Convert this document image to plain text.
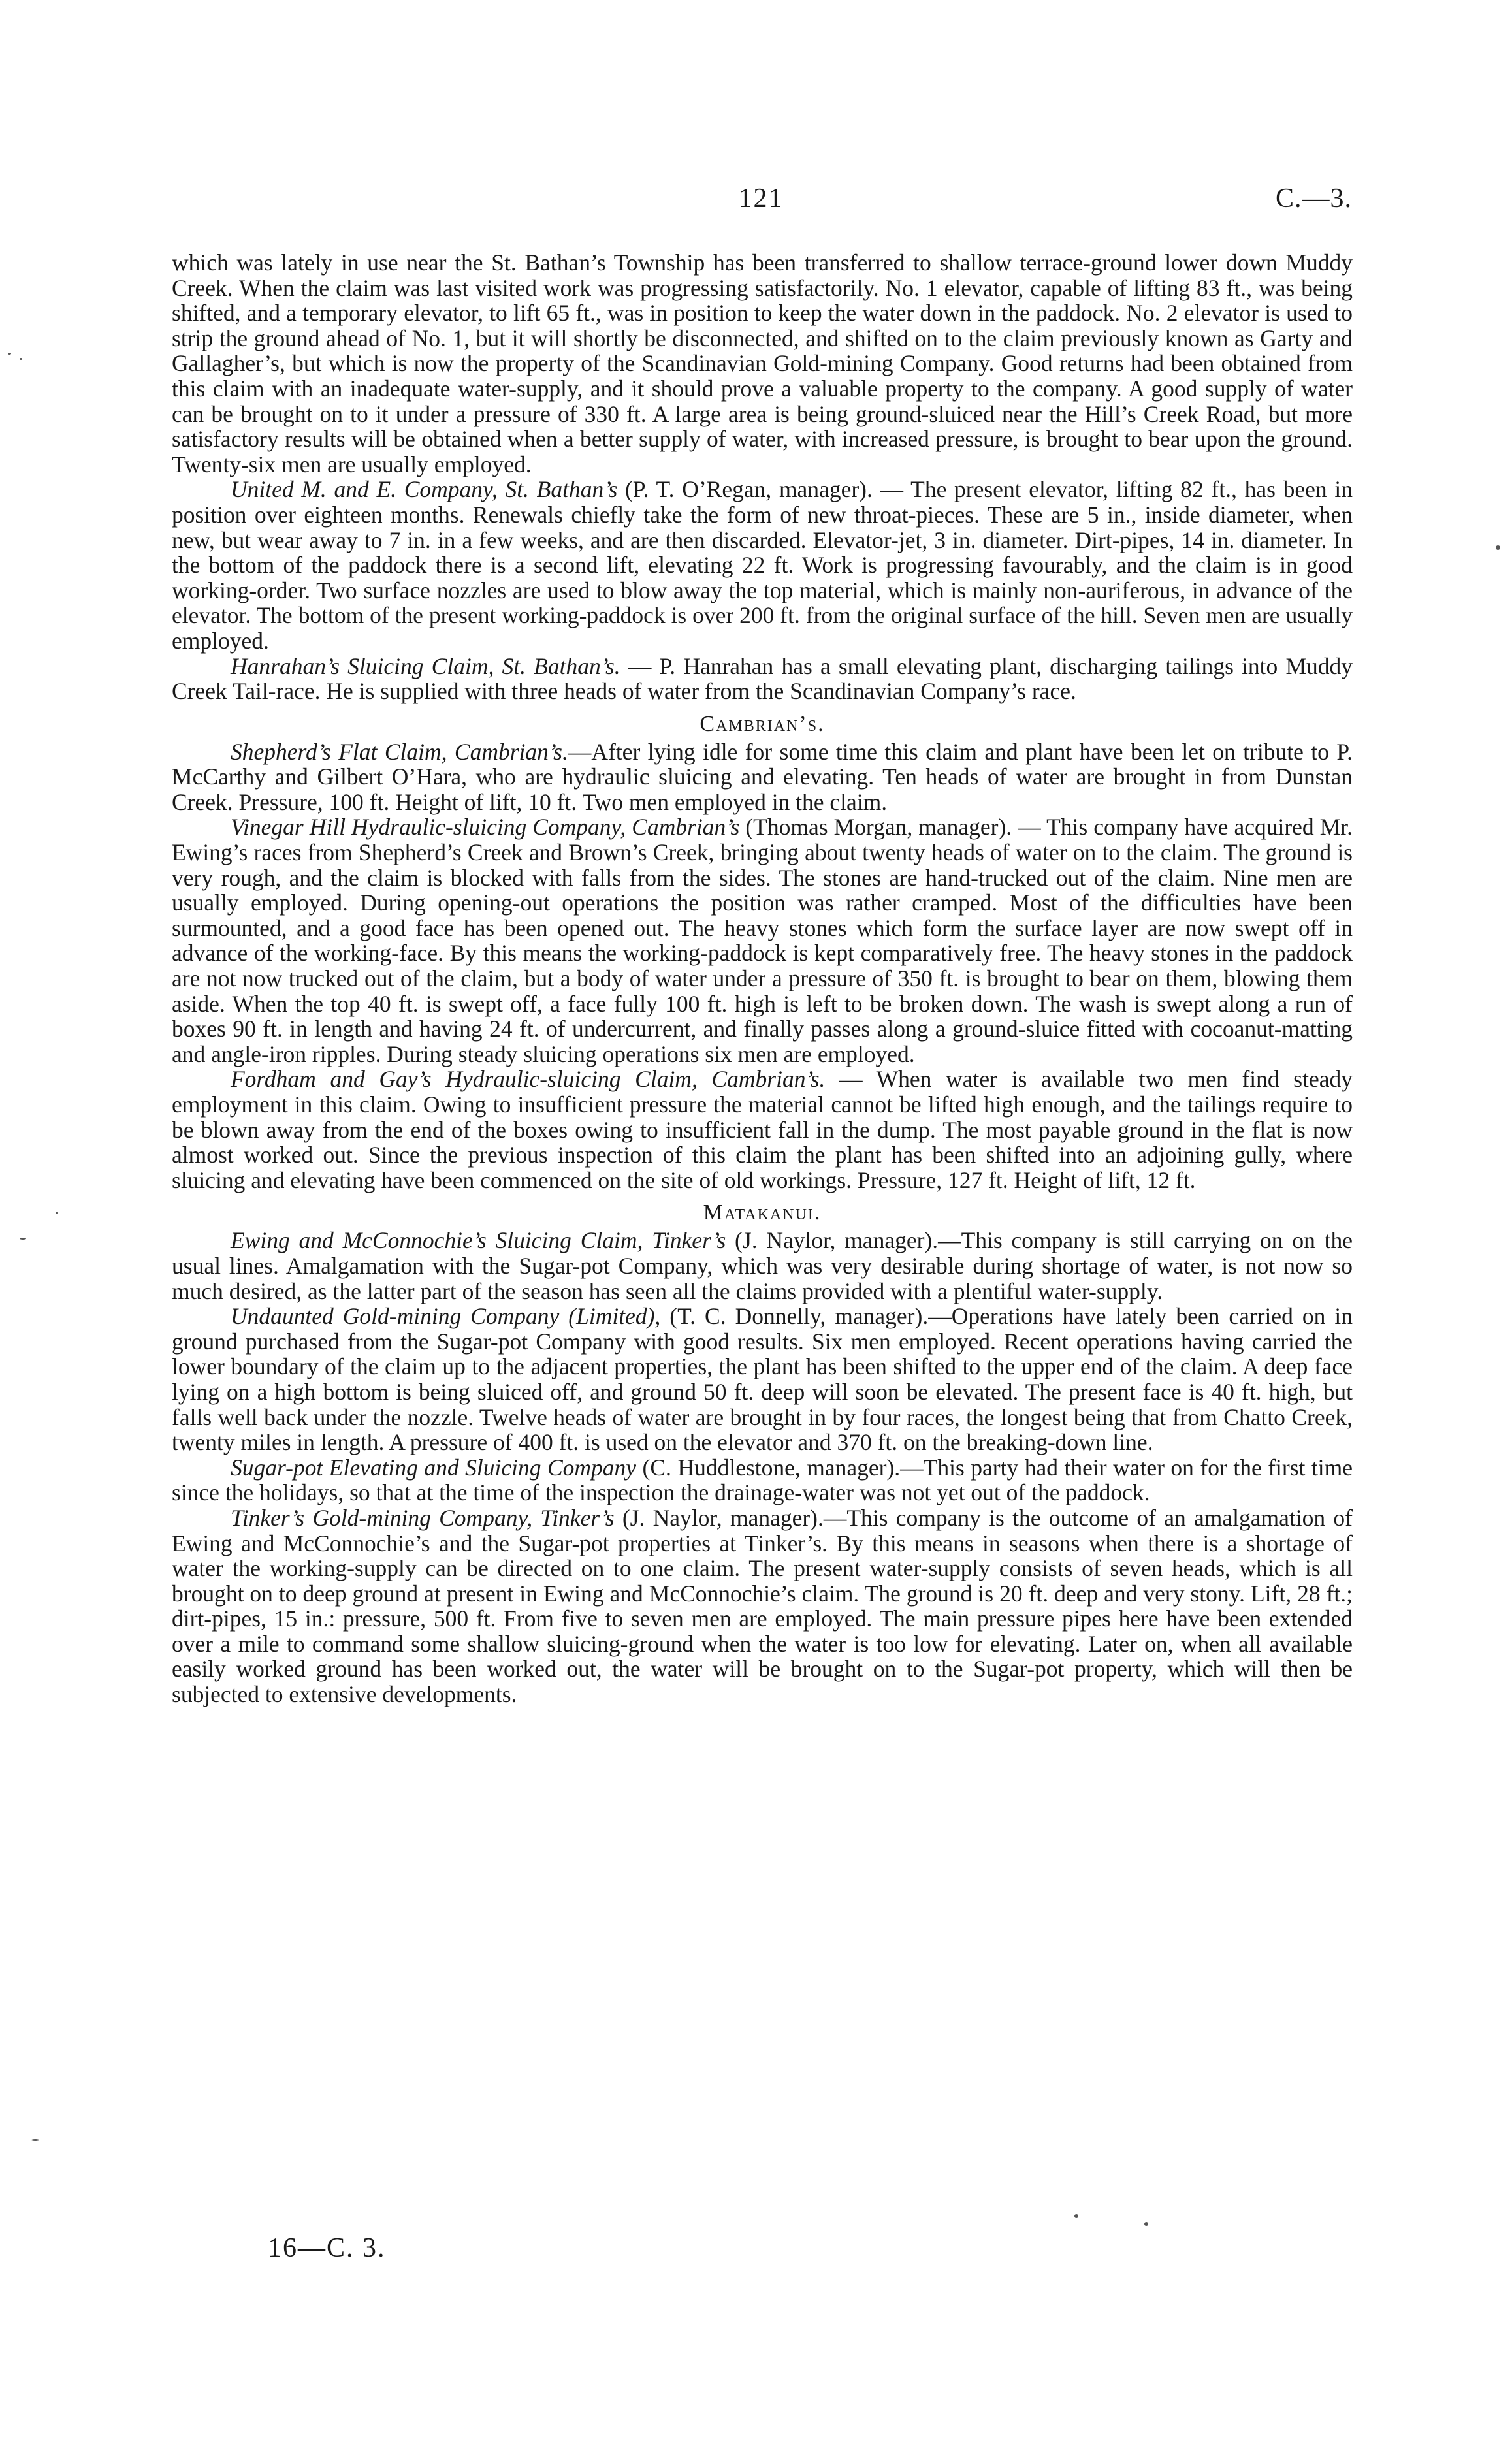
121	C.—3.

which was lately in use near the St. Bathan’s Township has been transferred to shallow terrace-ground lower down Muddy Creek. When the claim was last visited work was progressing satisfactorily. No. 1 elevator, capable of lifting 83 ft., was being shifted, and a temporary elevator, to lift 65 ft., was in position to keep the water down in the paddock. No. 2 elevator is used to strip the ground ahead of No. 1, but it will shortly be disconnected, and shifted on to the claim previously known as Garty and Gallagher’s, but which is now the property of the Scandinavian Gold-mining Company. Good returns had been obtained from this claim with an inadequate water-supply, and it should prove a valuable property to the company. A good supply of water can be brought on to it under a pressure of 330 ft. A large area is being ground-sluiced near the Hill’s Creek Road, but more satisfactory results will be obtained when a better supply of water, with increased pressure, is brought to bear upon the ground. Twenty-six men are usually employed.

United M. and E. Company, St. Bathan’s (P. T. O’Regan, manager). — The present elevator, lifting 82 ft., has been in position over eighteen months. Renewals chiefly take the form of new throat-pieces. These are 5 in., inside diameter, when new, but wear away to 7 in. in a few weeks, and are then discarded. Elevator-jet, 3 in. diameter. Dirt-pipes, 14 in. diameter. In the bottom of the paddock there is a second lift, elevating 22 ft. Work is progressing favourably, and the claim is in good working-order. Two surface nozzles are used to blow away the top material, which is mainly non-auriferous, in advance of the elevator. The bottom of the present working-paddock is over 200 ft. from the original surface of the hill. Seven men are usually employed.

Hanrahan’s Sluicing Claim, St. Bathan’s. — P. Hanrahan has a small elevating plant, discharging tailings into Muddy Creek Tail-race. He is supplied with three heads of water from the Scandinavian Company’s race.

Cambrian’s.

Shepherd’s Flat Claim, Cambrian’s.—After lying idle for some time this claim and plant have been let on tribute to P. McCarthy and Gilbert O’Hara, who are hydraulic sluicing and elevating. Ten heads of water are brought in from Dunstan Creek. Pressure, 100 ft. Height of lift, 10 ft. Two men employed in the claim.

Vinegar Hill Hydraulic-sluicing Company, Cambrian’s (Thomas Morgan, manager). — This company have acquired Mr. Ewing’s races from Shepherd’s Creek and Brown’s Creek, bringing about twenty heads of water on to the claim. The ground is very rough, and the claim is blocked with falls from the sides. The stones are hand-trucked out of the claim. Nine men are usually employed. During opening-out operations the position was rather cramped. Most of the difficulties have been surmounted, and a good face has been opened out. The heavy stones which form the surface layer are now swept off in advance of the working-face. By this means the working-paddock is kept comparatively free. The heavy stones in the paddock are not now trucked out of the claim, but a body of water under a pressure of 350 ft. is brought to bear on them, blowing them aside. When the top 40 ft. is swept off, a face fully 100 ft. high is left to be broken down. The wash is swept along a run of boxes 90 ft. in length and having 24 ft. of undercurrent, and finally passes along a ground-sluice fitted with cocoanut-matting and angle-iron ripples. During steady sluicing operations six men are employed.

Fordham and Gay’s Hydraulic-sluicing Claim, Cambrian’s. — When water is available two men find steady employment in this claim. Owing to insufficient pressure the material cannot be lifted high enough, and the tailings require to be blown away from the end of the boxes owing to insufficient fall in the dump. The most payable ground in the flat is now almost worked out. Since the previous inspection of this claim the plant has been shifted into an adjoining gully, where sluicing and elevating have been commenced on the site of old workings. Pressure, 127 ft. Height of lift, 12 ft.

Matakanui.

Ewing and McConnochie’s Sluicing Claim, Tinker’s (J. Naylor, manager).—This company is still carrying on on the usual lines. Amalgamation with the Sugar-pot Company, which was very desirable during shortage of water, is not now so much desired, as the latter part of the season has seen all the claims provided with a plentiful water-supply.

Undaunted Gold-mining Company (Limited), (T. C. Donnelly, manager).—Operations have lately been carried on in ground purchased from the Sugar-pot Company with good results. Six men employed. Recent operations having carried the lower boundary of the claim up to the adjacent properties, the plant has been shifted to the upper end of the claim. A deep face lying on a high bottom is being sluiced off, and ground 50 ft. deep will soon be elevated. The present face is 40 ft. high, but falls well back under the nozzle. Twelve heads of water are brought in by four races, the longest being that from Chatto Creek, twenty miles in length. A pressure of 400 ft. is used on the elevator and 370 ft. on the breaking-down line.

Sugar-pot Elevating and Sluicing Company (C. Huddlestone, manager).—This party had their water on for the first time since the holidays, so that at the time of the inspection the drainage-water was not yet out of the paddock.

Tinker’s Gold-mining Company, Tinker’s (J. Naylor, manager).—This company is the outcome of an amalgamation of Ewing and McConnochie’s and the Sugar-pot properties at Tinker’s. By this means in seasons when there is a shortage of water the working-supply can be directed on to one claim. The present water-supply consists of seven heads, which is all brought on to deep ground at present in Ewing and McConnochie’s claim. The ground is 20 ft. deep and very stony. Lift, 28 ft.; dirt-pipes, 15 in.: pressure, 500 ft. From five to seven men are employed. The main pressure pipes here have been extended over a mile to command some shallow sluicing-ground when the water is too low for elevating. Later on, when all available easily worked ground has been worked out, the water will be brought on to the Sugar-pot property, which will then be subjected to extensive developments.

16—C. 3.
